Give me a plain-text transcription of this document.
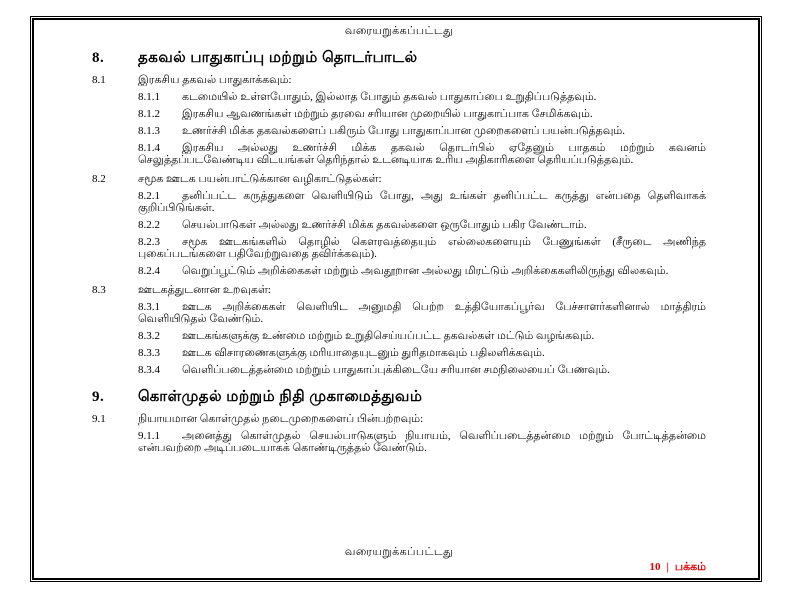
வரையறுக்கப்பட்டது
8.	தகவல் பாதுகாப்பு மற்றும் தொடர்பாடல்
8.1	இரகசிய தகவல் பாதுகாக்கவும்:

8.1.1 கடமையில் உள்ளபோதும், இல்லாத போதும் தகவல் பாதுகாப்பை உறுதிப்படுத்தவும்.

8.1.2 இரகசிய ஆவணங்கள் மற்றும் தரவை சரியான முறையில் பாதுகாப்பாக சேமிக்கவும்.

8.1.3 உணர்ச்சி மிக்க தகவல்களைப் பகிரும் போது பாதுகாப்பான முறைகளைப் பயன்படுத்தவும்.

8.1.4 இரகசிய அல்லது உணர்ச்சி மிக்க தகவல் தொடர்பில் ஏதேனும் பாதகம் மற்றும் கவனம் செலுத்தப்படவேண்டிய விடயங்கள் தெரிந்தால் உடனடியாக உரிய அதிகாரிகளை தெரியப்படுத்தவும்.

8.2	சமூக ஊடக பயன்பாட்டுக்கான வழிகாட்டுதல்கள்:

8.2.1 தனிப்பட்ட கருத்துகளை வெளியிடும் போது, அது உங்கள் தனிப்பட்ட கருத்து என்பதை தெளிவாகக் குறிப்பிடுங்கள்.

8.2.2 செயல்பாடுகள் அல்லது உணர்ச்சி மிக்க தகவல்களை ஒருபோதும் பகிர வேண்டாம்.

8.2.3 சமூக ஊடகங்களில் தொழில் கௌரவத்தையும் எல்லைகளையும் பேணுங்கள் (சீருடை அணிந்த புகைப்படங்களை பதிவேற்றுவதை தவிர்க்கவும்).

8.2.4 வெறுப்பூட்டும் அறிக்கைகள் மற்றும் அவதூறான அல்லது மிரட்டும் அறிக்கைகளிலிருந்து விலகவும்.

8.3	ஊடகத்துடனான உறவுகள்:

8.3.1 ஊடக அறிக்கைகள் வெளியிட அனுமதி பெற்ற உத்தியோகப்பூர்வ பேச்சாளர்களினால் மாத்திரம் வெளியிடுதல் வேண்டும்.

8.3.2 ஊடகங்களுக்கு உண்மை மற்றும் உறுதிசெய்யப்பட்ட தகவல்கள் மட்டும் வழங்கவும்.

8.3.3 ஊடக விசாரணைகளுக்கு மரியாதையுடனும் துரிதமாகவும் பதிலளிக்கவும்.

8.3.4 வெளிப்படைத்தன்மை மற்றும் பாதுகாப்புக்கிடையே சரியான சமநிலையைப் பேணவும்.

9.	கொள்முதல் மற்றும் நிதி முகாமைத்துவம்
9.1	நியாயமான கொள்முதல் நடைமுறைகளைப் பின்பற்றவும்:

9.1.1 அனைத்து கொள்முதல் செயல்பாடுகளும் நியாயம், வெளிப்படைத்தன்மை மற்றும் போட்டித்தன்மை என்பவற்றை அடிப்படையாகக் கொண்டிருத்தல் வேண்டும்.

வரையறுக்கப்பட்டது
10 | பக்கம்
